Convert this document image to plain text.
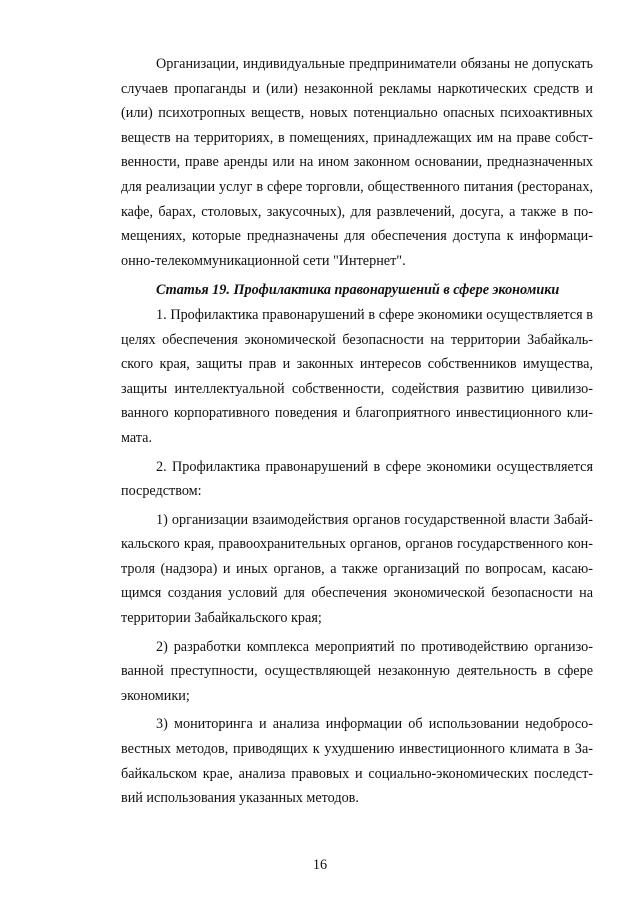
Организации, индивидуальные предприниматели обязаны не допускать случаев пропаганды и (или) незаконной рекламы наркотических средств и (или) психотропных веществ, новых потенциально опасных психоактивных веществ на территориях, в помещениях, принадлежащих им на праве собственности, праве аренды или на ином законном основании, предназначенных для реализации услуг в сфере торговли, общественного питания (ресторанах, кафе, барах, столовых, закусочных), для развлечений, досуга, а также в помещениях, которые предназначены для обеспечения доступа к информационно-телекоммуникационной сети "Интернет".

Статья 19. Профилактика правонарушений в сфере экономики

1. Профилактика правонарушений в сфере экономики осуществляется в целях обеспечения экономической безопасности на территории Забайкальского края, защиты прав и законных интересов собственников имущества, защиты интеллектуальной собственности, содействия развитию цивилизованного корпоративного поведения и благоприятного инвестиционного климата.

2. Профилактика правонарушений в сфере экономики осуществляется посредством:

1) организации взаимодействия органов государственной власти Забайкальского края, правоохранительных органов, органов государственного контроля (надзора) и иных органов, а также организаций по вопросам, касающимся создания условий для обеспечения экономической безопасности на территории Забайкальского края;

2) разработки комплекса мероприятий по противодействию организованной преступности, осуществляющей незаконную деятельность в сфере экономики;

3) мониторинга и анализа информации об использовании недобросовестных методов, приводящих к ухудшению инвестиционного климата в Забайкальском крае, анализа правовых и социально-экономических последствий использования указанных методов.

16
